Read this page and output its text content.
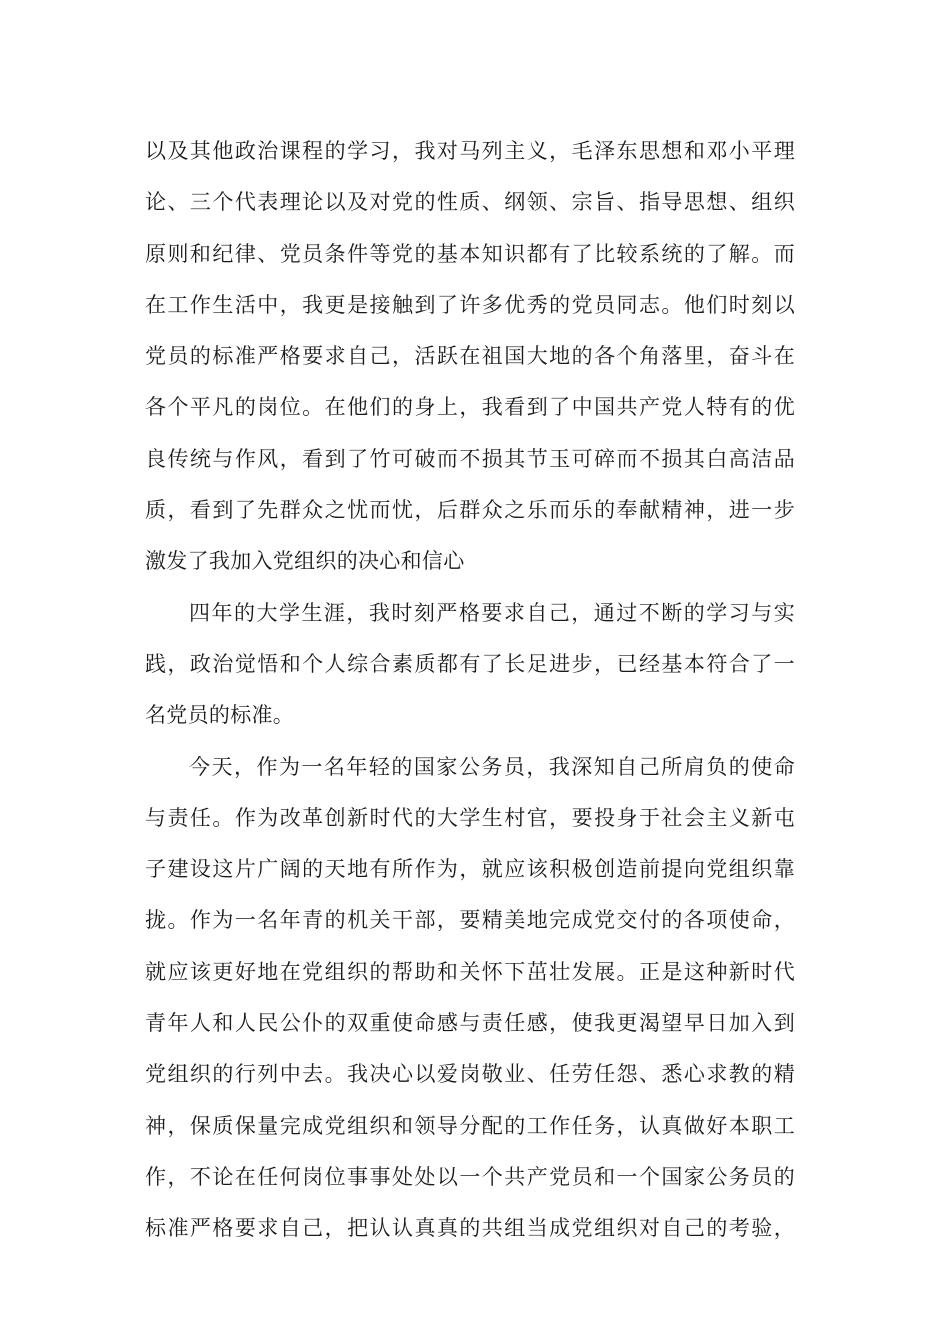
以及其他政治课程的学习，我对马列主义，毛泽东思想和邓小平理
论、三个代表理论以及对党的性质、纲领、宗旨、指导思想、组织
原则和纪律、党员条件等党的基本知识都有了比较系统的了解。而
在工作生活中，我更是接触到了许多优秀的党员同志。他们时刻以
党员的标准严格要求自己，活跃在祖国大地的各个角落里，奋斗在
各个平凡的岗位。在他们的身上，我看到了中国共产党人特有的优
良传统与作风，看到了竹可破而不损其节玉可碎而不损其白高洁品
质，看到了先群众之忧而忧，后群众之乐而乐的奉献精神，进一步
激发了我加入党组织的决心和信心
四年的大学生涯，我时刻严格要求自己，通过不断的学习与实
践，政治觉悟和个人综合素质都有了长足进步，已经基本符合了一
名党员的标准。
今天，作为一名年轻的国家公务员，我深知自己所肩负的使命
与责任。作为改革创新时代的大学生村官，要投身于社会主义新屯
子建设这片广阔的天地有所作为，就应该积极创造前提向党组织靠
拢。作为一名年青的机关干部，要精美地完成党交付的各项使命，
就应该更好地在党组织的帮助和关怀下茁壮发展。正是这种新时代
青年人和人民公仆的双重使命感与责任感，使我更渴望早日加入到
党组织的行列中去。我决心以爱岗敬业、任劳任怨、悉心求教的精
神，保质保量完成党组织和领导分配的工作任务，认真做好本职工
作，不论在任何岗位事事处处以一个共产党员和一个国家公务员的
标准严格要求自己，把认认真真的共组当成党组织对自己的考验，
